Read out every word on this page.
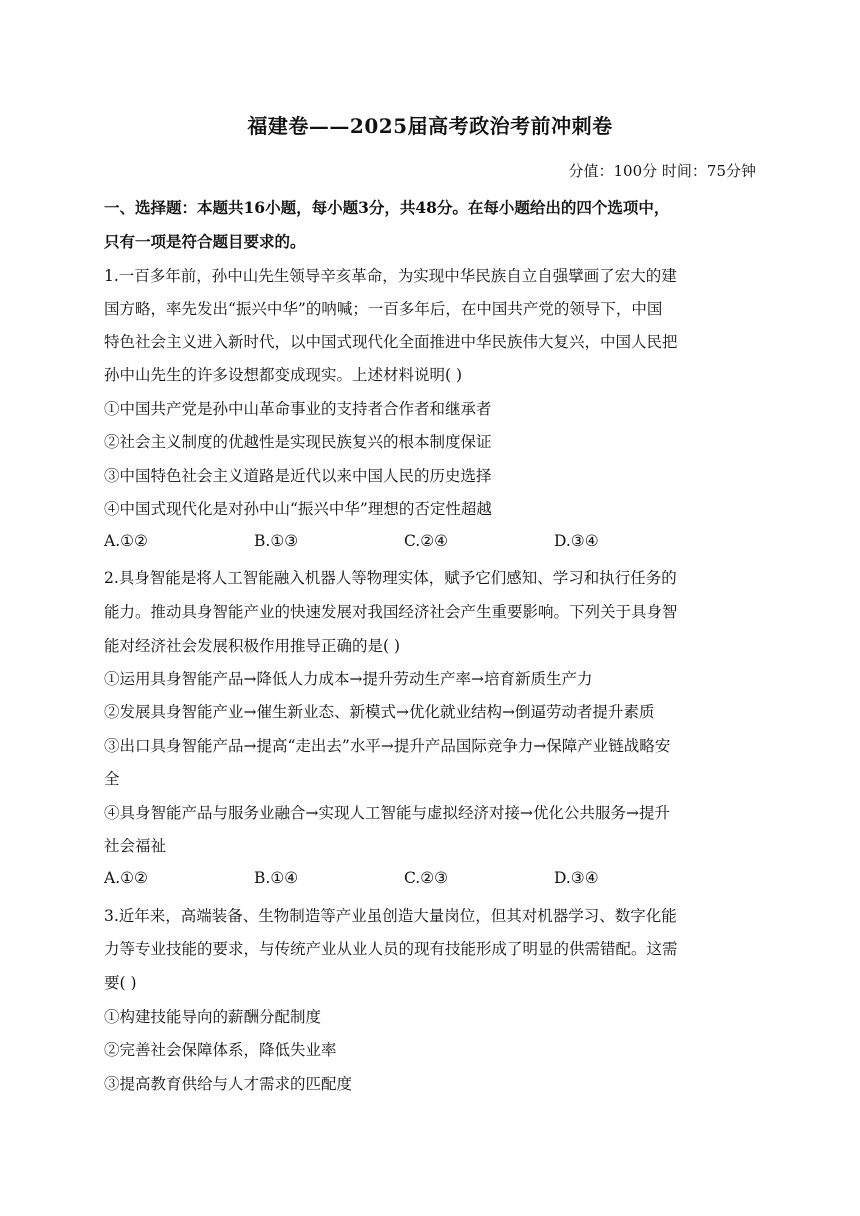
福建卷——2025届高考政治考前冲刺卷
分值：100分 时间：75分钟
一、选择题：本题共16小题，每小题3分，共48分。在每小题给出的四个选项中，
只有一项是符合题目要求的。
1.一百多年前，孙中山先生领导辛亥革命，为实现中华民族自立自强擘画了宏大的建
国方略，率先发出“振兴中华”的呐喊；一百多年后，在中国共产党的领导下，中国
特色社会主义进入新时代，以中国式现代化全面推进中华民族伟大复兴，中国人民把
孙中山先生的许多设想都变成现实。上述材料说明( )
①中国共产党是孙中山革命事业的支持者合作者和继承者
②社会主义制度的优越性是实现民族复兴的根本制度保证
③中国特色社会主义道路是近代以来中国人民的历史选择
④中国式现代化是对孙中山“振兴中华”理想的否定性超越
A.①②	B.①③	C.②④	D.③④
2.具身智能是将人工智能融入机器人等物理实体，赋予它们感知、学习和执行任务的
能力。推动具身智能产业的快速发展对我国经济社会产生重要影响。下列关于具身智
能对经济社会发展积极作用推导正确的是( )
①运用具身智能产品→降低人力成本→提升劳动生产率→培育新质生产力
②发展具身智能产业→催生新业态、新模式→优化就业结构→倒逼劳动者提升素质
③出口具身智能产品→提高“走出去”水平→提升产品国际竞争力→保障产业链战略安
全
④具身智能产品与服务业融合→实现人工智能与虚拟经济对接→优化公共服务→提升
社会福祉
A.①②	B.①④	C.②③	D.③④
3.近年来，高端装备、生物制造等产业虽创造大量岗位，但其对机器学习、数字化能
力等专业技能的要求，与传统产业从业人员的现有技能形成了明显的供需错配。这需
要( )
①构建技能导向的薪酬分配制度
②完善社会保障体系，降低失业率
③提高教育供给与人才需求的匹配度
